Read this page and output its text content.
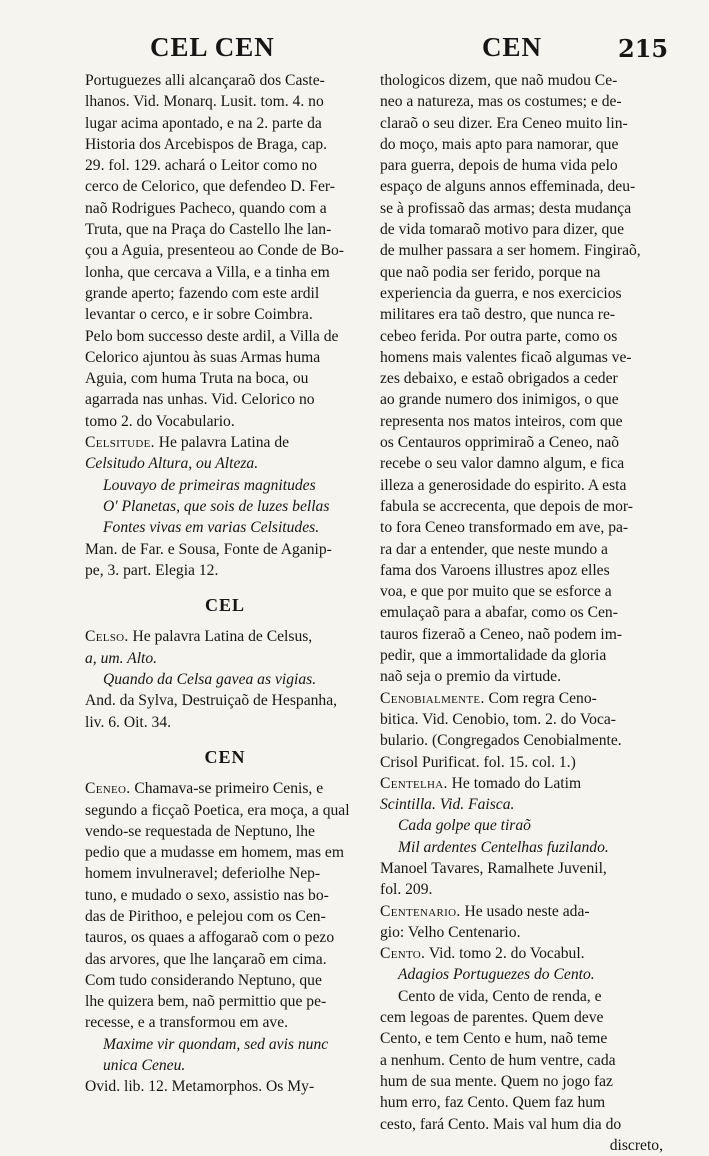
CEL CEN	CEN	215
Portuguezes alli alcançaraõ dos Caste-
lhanos. Vid. Monarq. Lusit. tom. 4. no
lugar acima apontado, e na 2. parte da
Historia dos Arcebispos de Braga, cap.
29. fol. 129. achará o Leitor como no
cerco de Celorico, que defendeo D. Fer-
naõ Rodrigues Pacheco, quando com a
Truta, que na Praça do Castello lhe lan-
çou a Aguia, presenteou ao Conde de Bo-
lonha, que cercava a Villa, e a tinha em
grande aperto; fazendo com este ardil
levantar o cerco, e ir sobre Coimbra.
Pelo bom successo deste ardil, a Villa de
Celorico ajuntou às suas Armas huma
Aguia, com huma Truta na boca, ou
agarrada nas unhas. Vid. Celorico no
tomo 2. do Vocabulario.
Celsitude. He palavra Latina de
Celsitudo Altura, ou Alteza.
Louvayo de primeiras magnitudes
O' Planetas, que sois de luzes bellas
Fontes vivas em varias Celsitudes.
Man. de Far. e Sousa, Fonte de Aganip-
pe, 3. part. Elegia 12.
CEL
Celso. He palavra Latina de Celsus,
a, um. Alto.
Quando da Celsa gavea as vigias.
And. da Sylva, Destruiçaõ de Hespanha,
liv. 6. Oit. 34.
CEN
Ceneo. Chamava-se primeiro Cenis, e
segundo a ficçaõ Poetica, era moça, a qual
vendo-se requestada de Neptuno, lhe
pedio que a mudasse em homem, mas em
homem invulneravel; deferiolhe Nep-
tuno, e mudado o sexo, assistio nas bo-
das de Pirithoo, e pelejou com os Cen-
tauros, os quaes a affogaraõ com o pezo
das arvores, que lhe lançaraõ em cima.
Com tudo considerando Neptuno, que
lhe quizera bem, naõ permittio que pe-
recesse, e a transformou em ave.
Maxime vir quondam, sed avis nunc
unica Ceneu.
Ovid. lib. 12. Metamorphos. Os My-
thologicos dizem, que naõ mudou Ce-
neo a natureza, mas os costumes; e de-
claraõ o seu dizer. Era Ceneo muito lin-
do moço, mais apto para namorar, que
para guerra, depois de huma vida pelo
espaço de alguns annos effeminada, deu-
se à profissaõ das armas; desta mudança
de vida tomaraõ motivo para dizer, que
de mulher passara a ser homem. Fingiraõ,
que naõ podia ser ferido, porque na
experiencia da guerra, e nos exercicios
militares era taõ destro, que nunca re-
cebeo ferida. Por outra parte, como os
homens mais valentes ficaõ algumas ve-
zes debaixo, e estaõ obrigados a ceder
ao grande numero dos inimigos, o que
representa nos matos inteiros, com que
os Centauros opprimiraõ a Ceneo, naõ
recebe o seu valor damno algum, e fica
illeza a generosidade do espirito. A esta
fabula se accrecenta, que depois de mor-
to fora Ceneo transformado em ave, pa-
ra dar a entender, que neste mundo a
fama dos Varoens illustres apoz elles
voa, e que por muito que se esforce a
emulaçaõ para a abafar, como os Cen-
tauros fizeraõ a Ceneo, naõ podem im-
pedir, que a immortalidade da gloria
naõ seja o premio da virtude.
Cenobialmente. Com regra Ceno-
bitica. Vid. Cenobio, tom. 2. do Voca-
bulario. (Congregados Cenobialmente.
Crisol Purificat. fol. 15. col. 1.)
Centelha. He tomado do Latim
Scintilla. Vid. Faisca.
Cada golpe que tiraõ
Mil ardentes Centelhas fuzilando.
Manoel Tavares, Ramalhete Juvenil,
fol. 209.
Centenario. He usado neste ada-
gio: Velho Centenario.
Cento. Vid. tomo 2. do Vocabul.
Adagios Portuguezes do Cento.
Cento de vida, Cento de renda, e
cem legoas de parentes. Quem deve
Cento, e tem Cento e hum, naõ teme
a nenhum. Cento de hum ventre, cada
hum de sua mente. Quem no jogo faz
hum erro, faz Cento. Quem faz hum
cesto, fará Cento. Mais val hum dia do
discreto,
